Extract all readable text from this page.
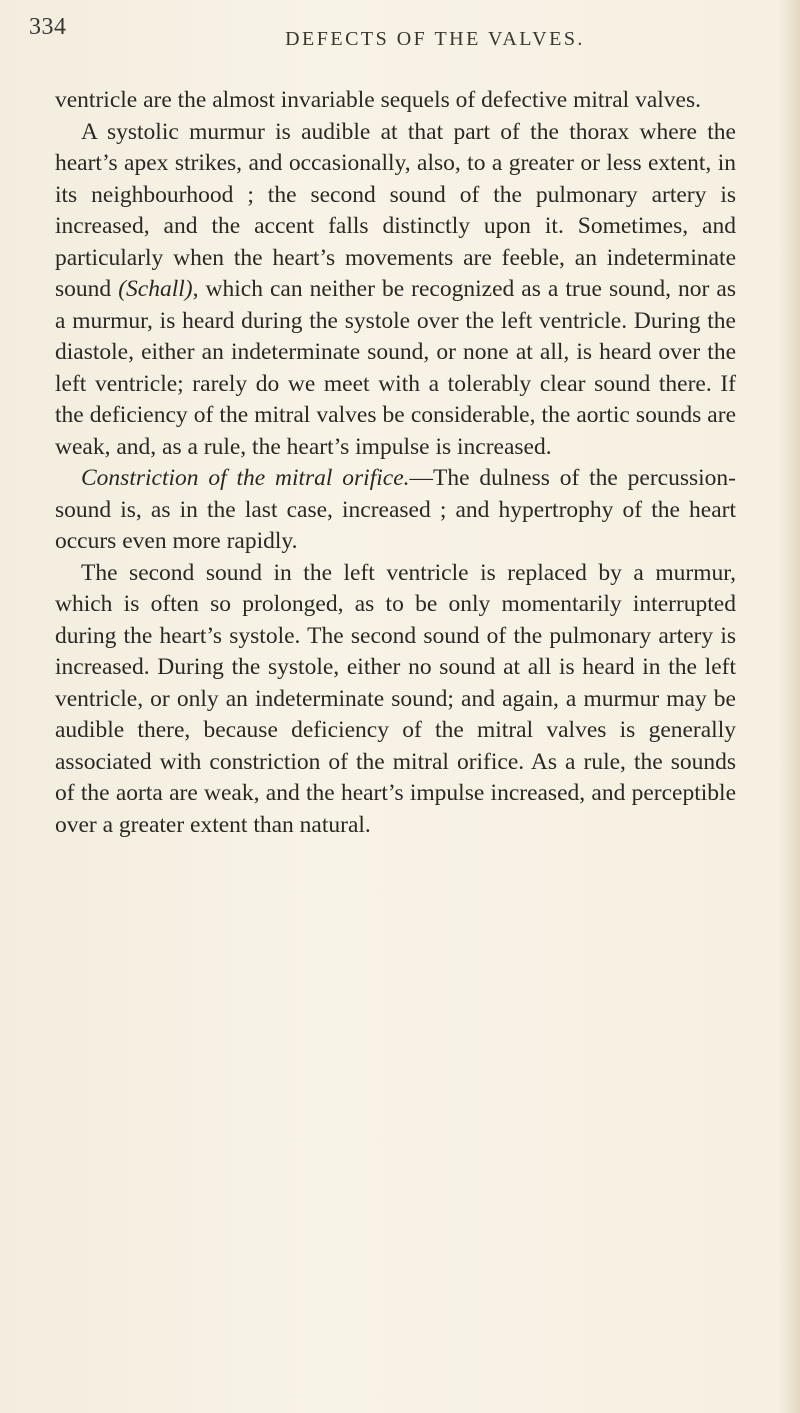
334	DEFECTS OF THE VALVES.

ventricle are the almost invariable sequels of defective mitral valves.

A systolic murmur is audible at that part of the thorax where the heart’s apex strikes, and occasionally, also, to a greater or less extent, in its neighbourhood ; the second sound of the pulmonary artery is increased, and the accent falls distinctly upon it. Sometimes, and particularly when the heart’s movements are feeble, an indeterminate sound (Schall), which can neither be recognized as a true sound, nor as a murmur, is heard during the systole over the left ventricle. During the diastole, either an indeterminate sound, or none at all, is heard over the left ventricle; rarely do we meet with a tolerably clear sound there. If the deficiency of the mitral valves be considerable, the aortic sounds are weak, and, as a rule, the heart’s impulse is increased.

Constriction of the mitral orifice.—The dulness of the percussion-sound is, as in the last case, increased ; and hypertrophy of the heart occurs even more rapidly.

The second sound in the left ventricle is replaced by a murmur, which is often so prolonged, as to be only momentarily interrupted during the heart’s systole. The second sound of the pulmonary artery is increased. During the systole, either no sound at all is heard in the left ventricle, or only an indeterminate sound; and again, a murmur may be audible there, because deficiency of the mitral valves is generally associated with constriction of the mitral orifice. As a rule, the sounds of the aorta are weak, and the heart’s impulse increased, and perceptible over a greater extent than natural.
